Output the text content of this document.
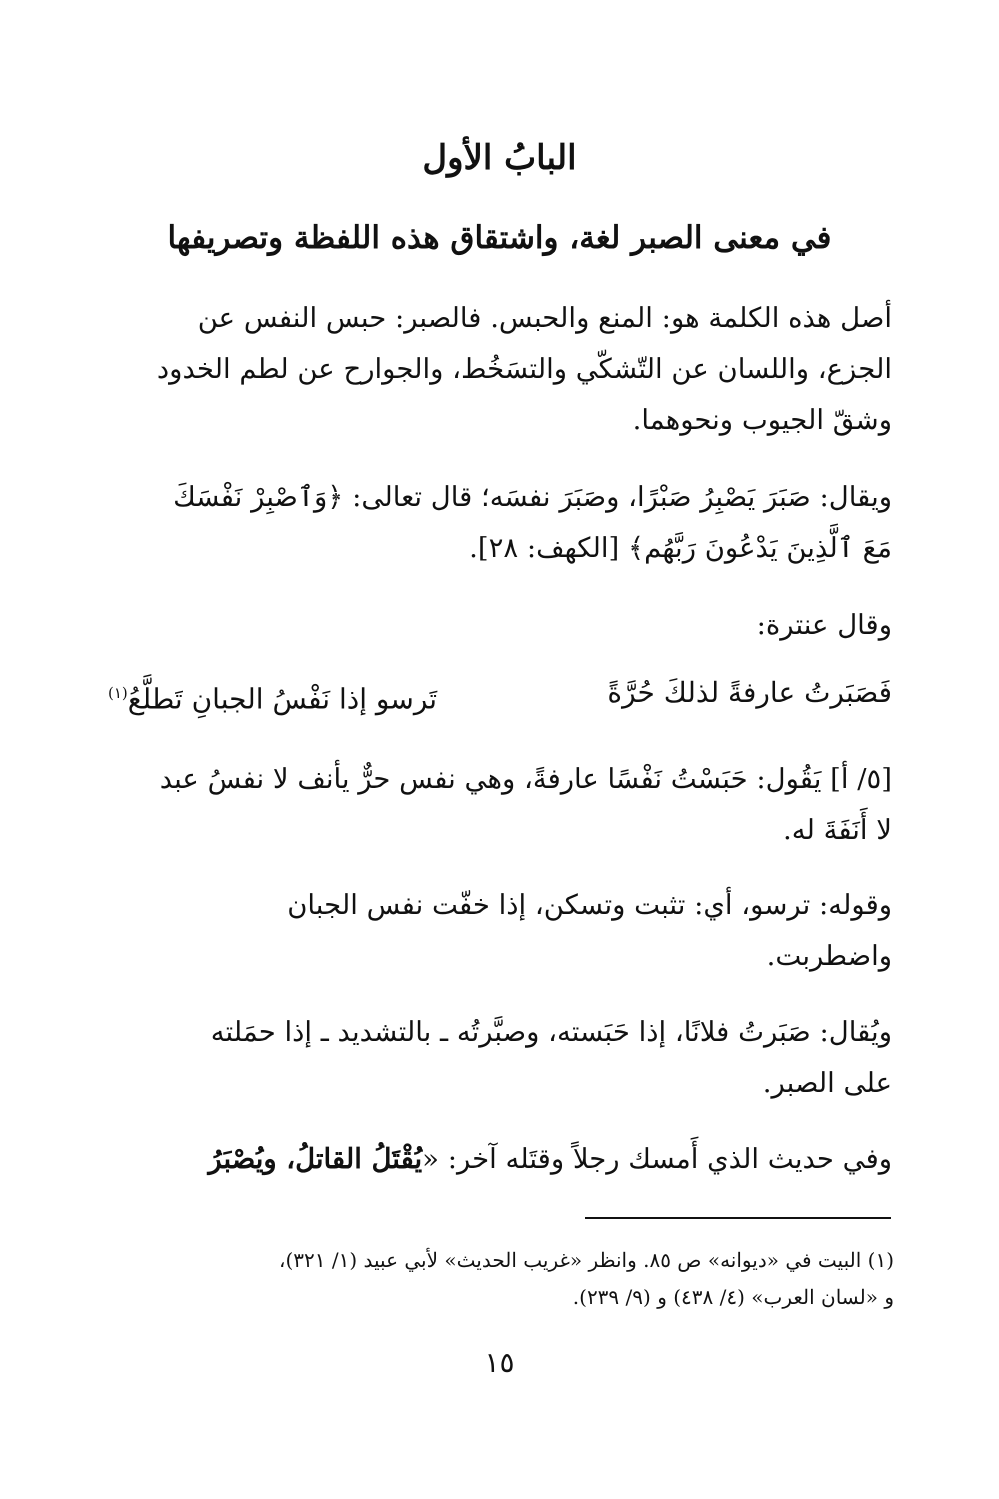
البابُ الأول
في معنى الصبر لغة، واشتقاق هذه اللفظة وتصريفها
أصل هذه الكلمة هو: المنع والحبس. فالصبر: حبس النفس عن
الجزع، واللسان عن التّشكّي والتسَخُط، والجوارح عن لطم الخدود
وشقّ الجيوب ونحوهما.
ويقال: صَبَرَ يَصْبِرُ صَبْرًا، وصَبَرَ نفسَه؛ قال تعالى: ﴿وَٱصْبِرْ نَفْسَكَ
مَعَ ٱلَّذِينَ يَدْعُونَ رَبَّهُم﴾ [الكهف: ٢٨].
وقال عنترة:
فَصَبَرتُ عارفةً لذلكَ حُرَّةً
تَرسو إذا نَفْسُ الجبانِ تَطلَّعُ$^{(١)}$
[٥/ أ] يَقُول: حَبَسْتُ نَفْسًا عارفةً، وهي نفس حرٌّ يأنف لا نفسُ عبد
لا أَنَفَةَ له.
وقوله: ترسو، أي: تثبت وتسكن، إذا خفّت نفس الجبان
واضطربت.
ويُقال: صَبَرتُ فلانًا، إذا حَبَسته، وصبَّرتُه ـ بالتشديد ـ إذا حمَلته
على الصبر.
وفي حديث الذي أَمسك رجلاً وقتَله آخر: «يُقْتَلُ القاتلُ، ويُصْبَرُ
(١) البيت في «ديوانه» ص ٨٥. وانظر «غريب الحديث» لأبي عبيد (١/ ٣٢١)،
و «لسان العرب» (٤/ ٤٣٨) و (٩/ ٢٣٩).
١٥
